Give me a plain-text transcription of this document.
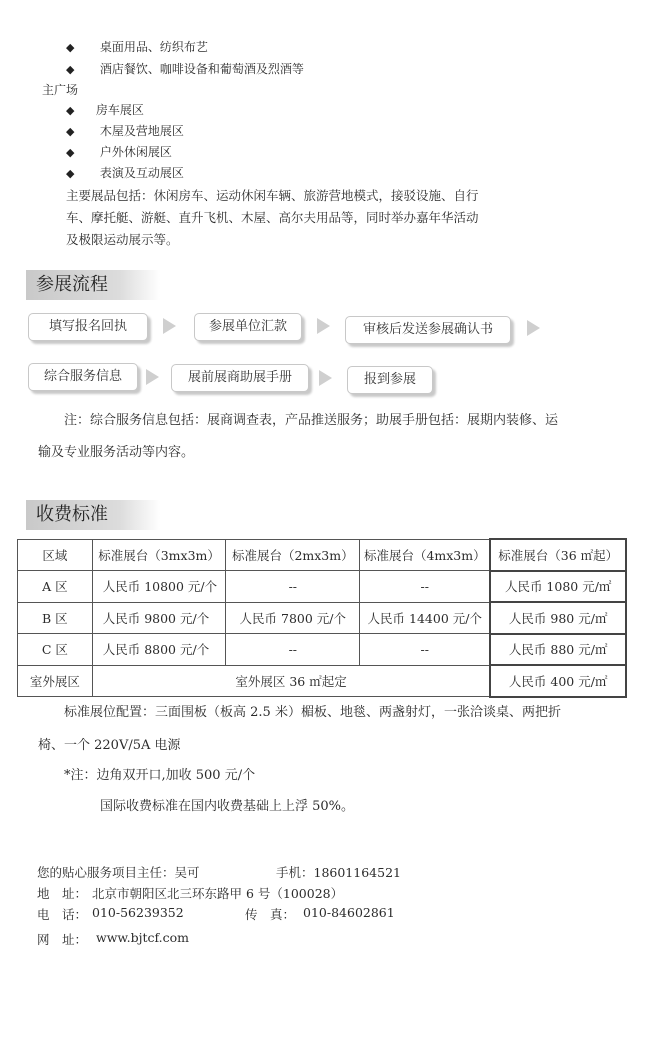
◆ 桌面用品、纺织布艺
◆ 酒店餐饮、咖啡设备和葡萄酒及烈酒等
主广场
◆ 房车展区
◆ 木屋及营地展区
◆ 户外休闲展区
◆ 表演及互动展区
主要展品包括：休闲房车、运动休闲车辆、旅游营地模式，接驳设施、自行
车、摩托艇、游艇、直升飞机、木屋、高尔夫用品等，同时举办嘉年华活动
及极限运动展示等。
参展流程
填写报名回执	参展单位汇款	审核后发送参展确认书
综合服务信息	展前展商助展手册	报到参展
注：综合服务信息包括：展商调查表，产品推送服务；助展手册包括：展期内装修、运
输及专业服务活动等内容。
收费标准
区域	标准展台（3mx3m）	标准展台（2mx3m）	标准展台（4mx3m）	标准展台（36 ㎡起）
A 区	人民币 10800 元/个	--	--	人民币 1080 元/㎡
B 区	人民币 9800 元/个	人民币 7800 元/个	人民币 14400 元/个	人民币 980 元/㎡
C 区	人民币 8800 元/个	--	--	人民币 880 元/㎡
室外展区	室外展区 36 ㎡起定			人民币 400 元/㎡
标准展位配置：三面围板（板高 2.5 米）楣板、地毯、两盏射灯，一张洽谈桌、两把折
椅、一个 220V/5A 电源
*注：边角双开口,加收 500 元/个
国际收费标准在国内收费基础上上浮 50%。
您的贴心服务项目主任：吴可	手机：18601164521
地　址： 北京市朝阳区北三环东路甲 6 号（100028）
电　话： 010-56239352	传　真： 010-84602861
网　址： www.bjtcf.com
